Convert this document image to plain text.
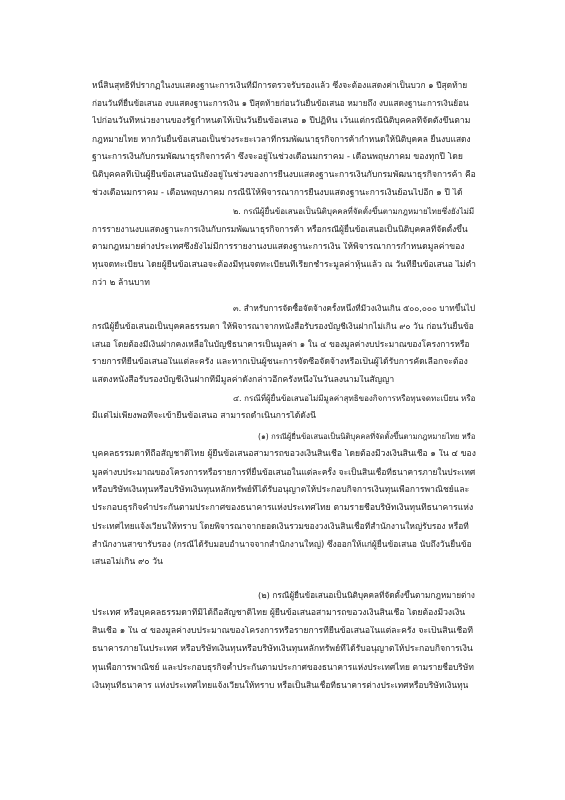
หนี้สินสุทธิที่ปรากฏในงบแสดงฐานะการเงินที่มีการตรวจรับรองแล้ว ซึ่งจะต้องแสดงค่าเป็นบวก ๑ ปีสุดท้าย
ก่อนวันที่ยื่นข้อเสนอ งบแสดงฐานะการเงิน ๑ ปีสุดท้ายก่อนวันยื่นข้อเสนอ หมายถึง งบแสดงฐานะการเงินย้อน
ไปก่อนวันที่หน่วยงานของรัฐกำหนดให้เป็นวันยื่นข้อเสนอ ๑ ปีปฏิทิน เว้นแต่กรณีนิติบุคคลที่จัดตั้งขึ้นตาม
กฎหมายไทย หากวันยื่นข้อเสนอเป็นช่วงระยะเวลาที่กรมพัฒนาธุรกิจการค้ากำหนดให้นิติบุคคล ยื่นงบแสดง
ฐานะการเงินกับกรมพัฒนาธุรกิจการค้า ซึ่งจะอยู่ในช่วงเดือนมกราคม - เดือนพฤษภาคม ของทุกปี โดย
นิติบุคคลที่เป็นผู้ยื่นข้อเสนอนั้นยังอยู่ในช่วงของการยื่นงบแสดงฐานะการเงินกับกรมพัฒนาธุรกิจการค้า คือ
ช่วงเดือนมกราคม - เดือนพฤษภาคม กรณีนี้ให้พิจารณาการยื่นงบแสดงฐานะการเงินย้อนไปอีก ๑ ปี ได้
๒. กรณีผู้ยื่นข้อเสนอเป็นนิติบุคคลที่จัดตั้งขึ้นตามกฎหมายไทยซึ่งยังไม่มี
การรายงานงบแสดงฐานะการเงินกับกรมพัฒนาธุรกิจการค้า หรือกรณีผู้ยื่นข้อเสนอเป็นนิติบุคคลที่จัดตั้งขึ้น
ตามกฎหมายต่างประเทศซึ่งยังไม่มีการรายงานงบแสดงฐานะการเงิน ให้พิจารณาการกำหนดมูลค่าของ
ทุนจดทะเบียน โดยผู้ยื่นข้อเสนอจะต้องมีทุนจดทะเบียนที่เรียกชำระมูลค่าหุ้นแล้ว ณ วันที่ยื่นข้อเสนอ ไม่ต่ำ
กว่า ๒ ล้านบาท
๓. สำหรับการจัดซื้อจัดจ้างครั้งหนึ่งที่มีวงเงินเกิน ๕๐๐,๐๐๐ บาทขึ้นไป
กรณีผู้ยื่นข้อเสนอเป็นบุคคลธรรมดา ให้พิจารณาจากหนังสือรับรองบัญชีเงินฝากไม่เกิน ๙๐ วัน ก่อนวันยื่นข้อ
เสนอ โดยต้องมีเงินฝากคงเหลือในบัญชีธนาคารเป็นมูลค่า ๑ ใน ๔ ของมูลค่างบประมาณของโครงการหรือ
รายการที่ยื่นข้อเสนอในแต่ละครั้ง และหากเป็นผู้ชนะการจัดซื้อจัดจ้างหรือเป็นผู้ได้รับการคัดเลือกจะต้อง
แสดงหนังสือรับรองบัญชีเงินฝากที่มีมูลค่าดังกล่าวอีกครั้งหนึ่งในวันลงนามในสัญญา
๔. กรณีที่ผู้ยื่นข้อเสนอไม่มีมูลค่าสุทธิของกิจการหรือทุนจดทะเบียน หรือ
มีแต่ไม่เพียงพอที่จะเข้ายื่นข้อเสนอ สามารถดำเนินการได้ดังนี้
(๑) กรณีผู้ยื่นข้อเสนอเป็นนิติบุคคลที่จัดตั้งขึ้นตามกฎหมายไทย หรือ
บุคคลธรรมดาที่ถือสัญชาติไทย ผู้ยื่นข้อเสนอสามารถขอวงเงินสินเชื่อ โดยต้องมีวงเงินสินเชื่อ ๑ ใน ๔ ของ
มูลค่างบประมาณของโครงการหรือรายการที่ยื่นข้อเสนอในแต่ละครั้ง จะเป็นสินเชื่อที่ธนาคารภายในประเทศ
หรือบริษัทเงินทุนหรือบริษัทเงินทุนหลักทรัพย์ที่ได้รับอนุญาตให้ประกอบกิจการเงินทุนเพื่อการพาณิชย์และ
ประกอบธุรกิจค้ำประกันตามประกาศของธนาคารแห่งประเทศไทย ตามรายชื่อบริษัทเงินทุนที่ธนาคารแห่ง
ประเทศไทยแจ้งเวียนให้ทราบ โดยพิจารณาจากยอดเงินรวมของวงเงินสินเชื่อที่สำนักงานใหญ่รับรอง หรือที่
สำนักงานสาขารับรอง (กรณีได้รับมอบอำนาจจากสำนักงานใหญ่) ซึ่งออกให้แก่ผู้ยื่นข้อเสนอ นับถึงวันยื่นข้อ
เสนอไม่เกิน ๙๐ วัน
(๒) กรณีผู้ยื่นข้อเสนอเป็นนิติบุคคลที่จัดตั้งขึ้นตามกฎหมายต่าง
ประเทศ หรือบุคคลธรรมดาที่มิได้ถือสัญชาติไทย ผู้ยื่นข้อเสนอสามารถขอวงเงินสินเชื่อ โดยต้องมีวงเงิน
สินเชื่อ ๑ ใน ๔ ของมูลค่างบประมาณของโครงการหรือรายการที่ยื่นข้อเสนอในแต่ละครั้ง จะเป็นสินเชื่อที่
ธนาคารภายในประเทศ หรือบริษัทเงินทุนหรือบริษัทเงินทุนหลักทรัพย์ที่ได้รับอนุญาตให้ประกอบกิจการเงิน
ทุนเพื่อการพาณิชย์ และประกอบธุรกิจค้ำประกันตามประกาศของธนาคารแห่งประเทศไทย ตามรายชื่อบริษัท
เงินทุนที่ธนาคาร แห่งประเทศไทยแจ้งเวียนให้ทราบ หรือเป็นสินเชื่อที่ธนาคารต่างประเทศหรือบริษัทเงินทุน
